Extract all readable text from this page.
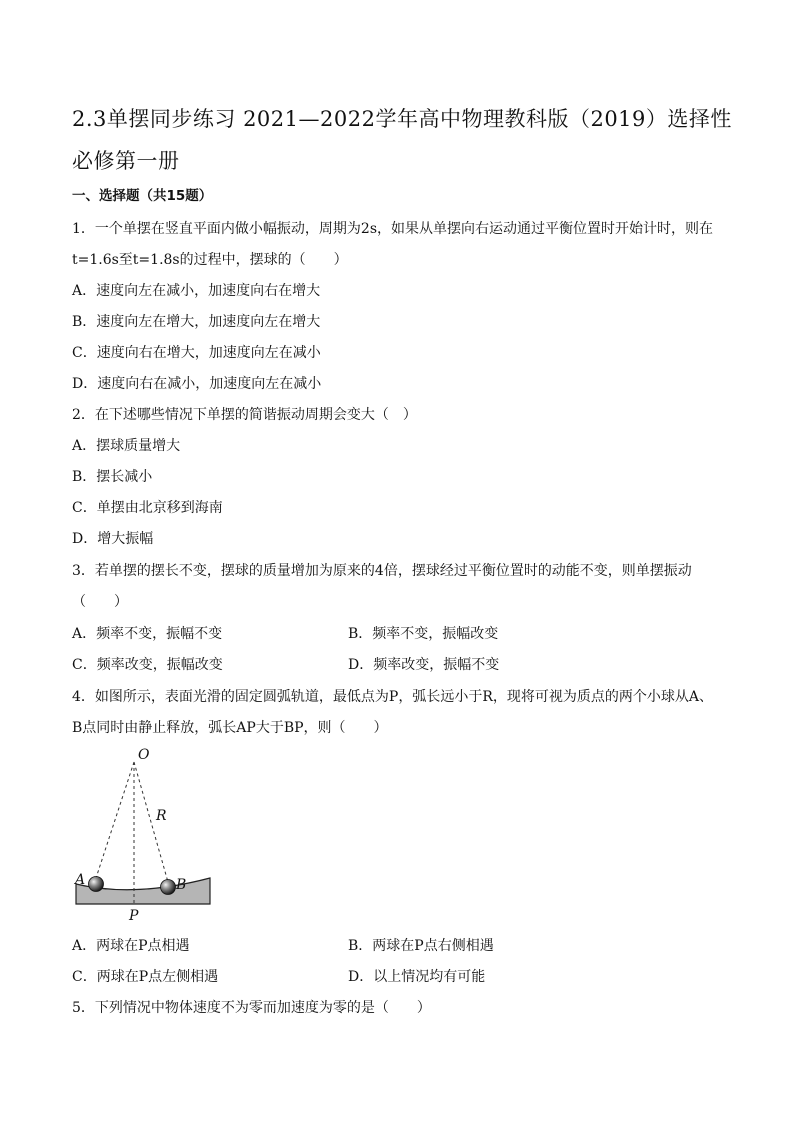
2.3单摆同步练习 2021—2022学年高中物理教科版（2019）选择性必修第一册
一、选择题（共15题）
1．一个单摆在竖直平面内做小幅振动，周期为2s，如果从单摆向右运动通过平衡位置时开始计时，则在
t=1.6s至t=1.8s的过程中，摆球的（　　）
A．速度向左在减小，加速度向右在增大
B．速度向左在增大，加速度向左在增大
C．速度向右在增大，加速度向左在减小
D．速度向右在减小，加速度向左在减小
2．在下述哪些情况下单摆的简谐振动周期会变大（　）
A．摆球质量增大
B．摆长减小
C．单摆由北京移到海南
D．增大振幅
3．若单摆的摆长不变，摆球的质量增加为原来的4倍，摆球经过平衡位置时的动能不变，则单摆振动
（　　）
A．频率不变，振幅不变	B．频率不变，振幅改变
C．频率改变，振幅改变	D．频率改变，振幅不变
4．如图所示，表面光滑的固定圆弧轨道，最低点为P，弧长远小于R，现将可视为质点的两个小球从A、
B点同时由静止释放，弧长AP大于BP，则（　　）
O
R
A	B
P
A．两球在P点相遇	B．两球在P点右侧相遇
C．两球在P点左侧相遇	D．以上情况均有可能
5．下列情况中物体速度不为零而加速度为零的是（　　）
